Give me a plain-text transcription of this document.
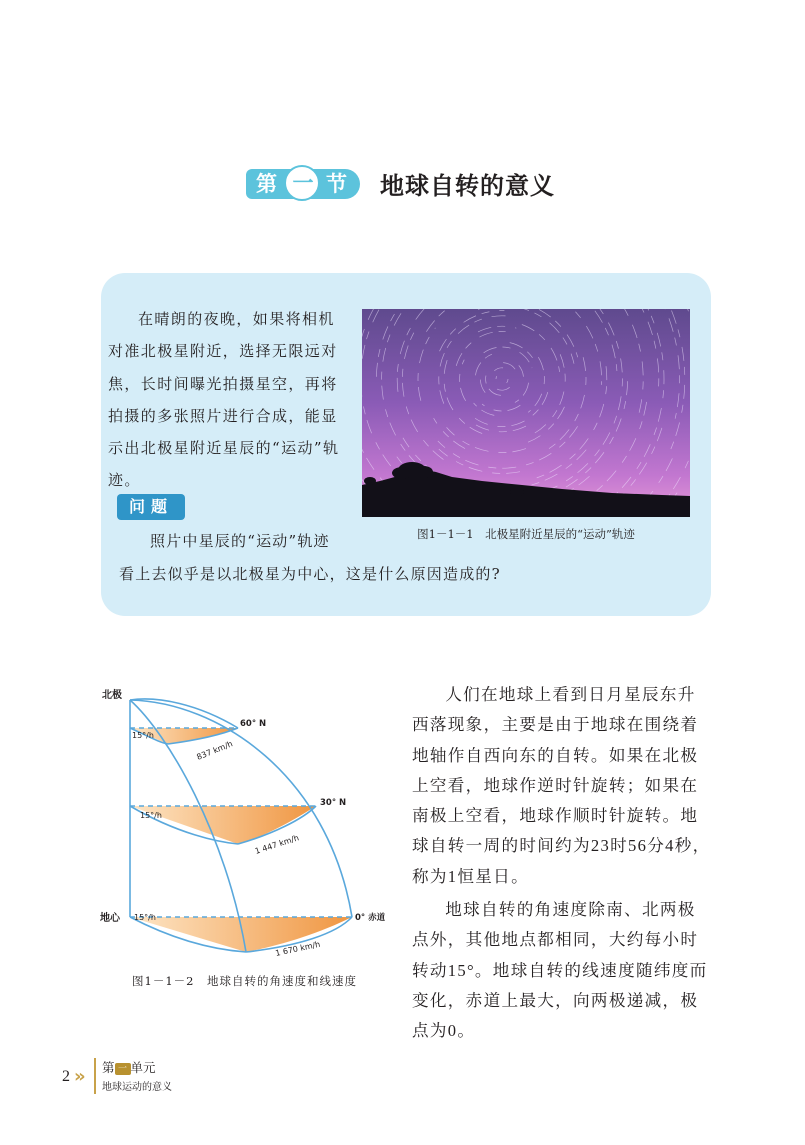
第 一 节 地球自转的意义
在晴朗的夜晚，如果将相机对准北极星附近，选择无限远对焦，长时间曝光拍摄星空，再将拍摄的多张照片进行合成，能显示出北极星附近星辰的“运动”轨迹。
图1－1－1　北极星附近星辰的“运动”轨迹
问题
照片中星辰的“运动”轨迹
看上去似乎是以北极星为中心，这是什么原因造成的?
北极
地心
60° N
30° N
0° 赤道
15°/h
15°/h
15°/h
837 km/h
1 447 km/h
1 670 km/h
图1－1－2　地球自转的角速度和线速度

人们在地球上看到日月星辰东升西落现象，主要是由于地球在围绕着地轴作自西向东的自转。如果在北极上空看，地球作逆时针旋转；如果在南极上空看，地球作顺时针旋转。地球自转一周的时间约为23时56分4秒，称为1恒星日。

地球自转的角速度除南、北两极点外，其他地点都相同，大约每小时转动15°。地球自转的线速度随纬度而变化，赤道上最大，向两极递减，极点为0。

2 » 第 一 单元
地球运动的意义
